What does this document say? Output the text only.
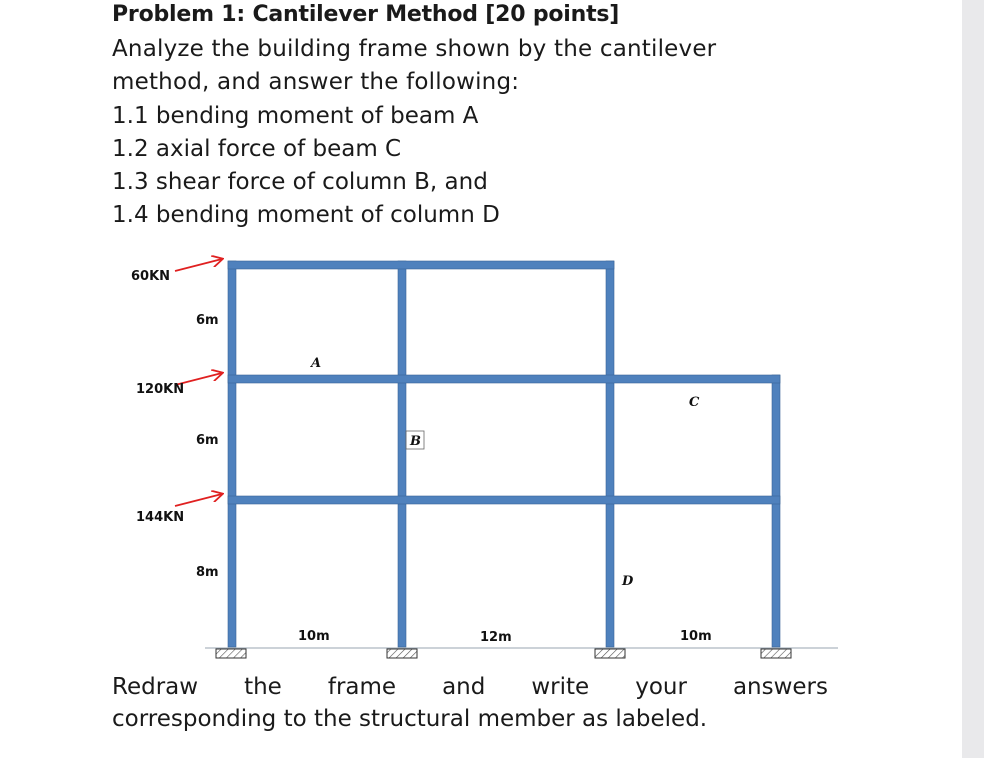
Problem 1: Cantilever Method [20 points]
Analyze the building frame shown by the cantilever
method, and answer the following:
1.1 bending moment of beam A
1.2 axial force of beam C
1.3 shear force of column B, and
1.4 bending moment of column D
60KN
120KN
144KN
6m
6m
8m
10m	12m	10m
A
B
C
D
Redraw the frame and write your answers
corresponding to the structural member as labeled.
